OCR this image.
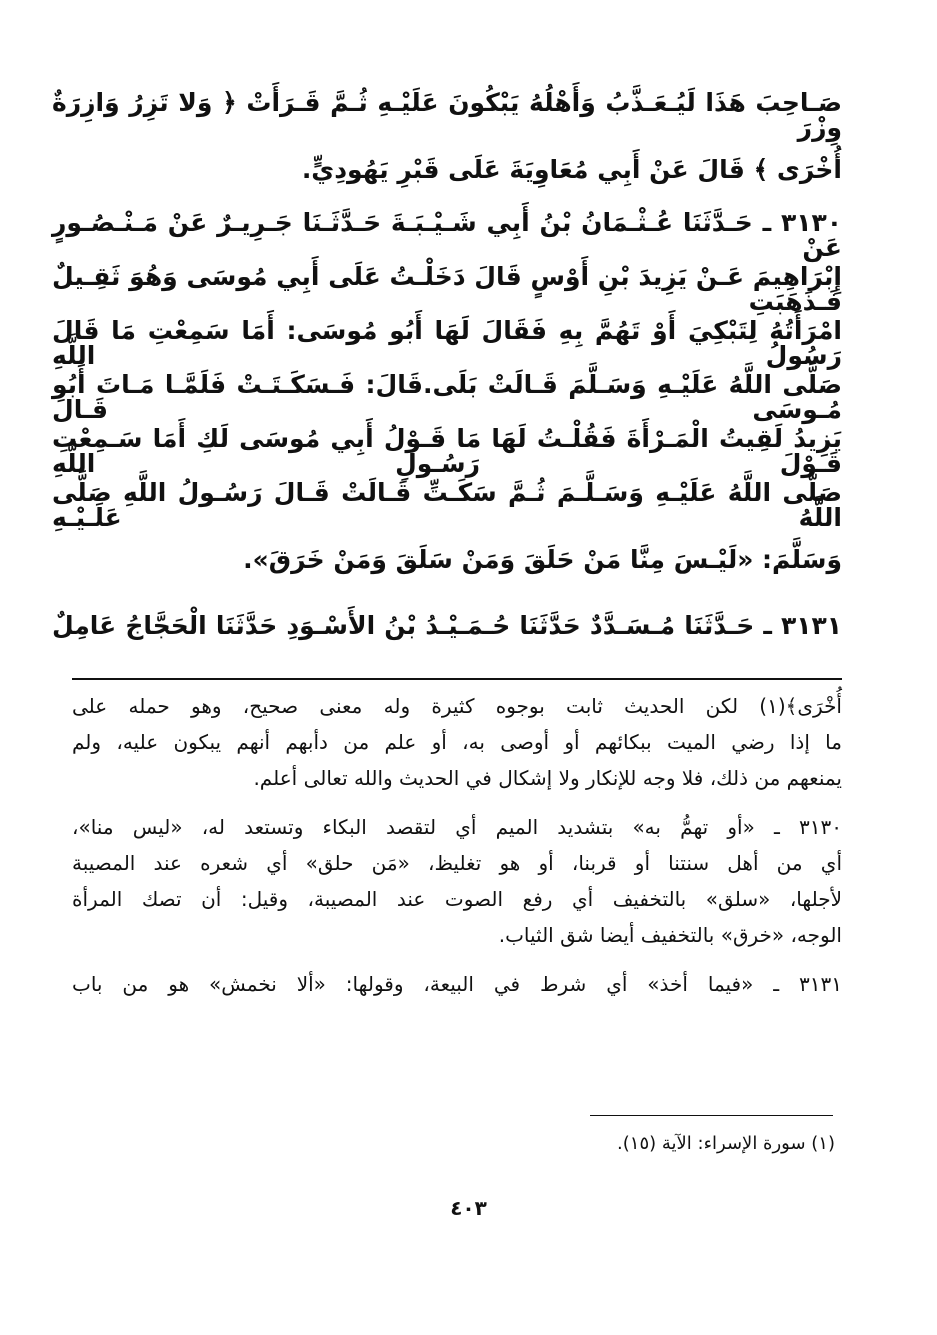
صَـاحِبَ هَذَا لَيُـعَـذَّبُ وَأَهْلُهُ يَبْكُونَ عَلَيْـهِ ثُـمَّ قَـرَأَتْ ﴿ وَلا تَزِرُ وَازِرَةٌ وِزْرَ
أُخْرَى ﴾ قَالَ عَنْ أَبِي مُعَاوِيَةَ عَلَى قَبْرِ يَهُودِيٍّ.
٣١٣٠ ـ حَـدَّثَنَا عُـثْـمَانُ بْنُ أَبِي شَـيْـبَـةَ حَـدَّثَـنَا جَـرِيـرٌ عَنْ مَـنْـصُـورٍ عَنْ
إِبْرَاهِيمَ عَـنْ يَزِيدَ بْنِ أَوْسٍ قَالَ دَخَلْـتُ عَلَى أَبِي مُوسَى وَهُوَ ثَقِـيلٌ فَـذَهَبَتِ
امْرَأَتُهُ لِتَبْكِيَ أَوْ تَهُمَّ بِهِ فَقَالَ لَهَا أَبُو مُوسَى: أَمَا سَمِعْتِ مَا قَالَ رَسُولُ اللَّهِ
صَلَّى اللَّهُ عَلَيْـهِ وَسَـلَّمَ قَـالَتْ بَلَى.قَالَ: فَـسَكَـتَـتْ فَلَمَّـا مَـاتَ أَبُو مُـوسَى قَـالَ
يَزِيدُ لَقِيتُ الْمَـرْأَةَ فَقُلْـتُ لَهَا مَا قَـوْلُ أَبِي مُوسَى لَكِ أَمَا سَـمِعْتِ قَـوْلَ رَسُـولِ اللَّهِ
صَلَّى اللَّهُ عَلَيْـهِ وَسَـلَّـمَ ثُـمَّ سَكَـتِّ قَـالَتْ قَـالَ رَسُـولُ اللَّهِ صَلَّى اللَّهُ عَلَـيْـهِ
وَسَلَّمَ: «لَيْـسَ مِنَّا مَنْ حَلَقَ وَمَنْ سَلَقَ وَمَنْ خَرَقَ».
٣١٣١ ـ حَـدَّثَنَا مُـسَـدَّدٌ حَدَّثَنَا حُـمَـيْـدُ بْنُ الأَسْـوَدِ حَدَّثَنَا الْحَجَّاجُ عَامِلٌ
أُخْرَى﴾(١) لكن الحديث ثابت بوجوه كثيرة وله معنى صحيح، وهو حمله على
ما إذا رضي الميت ببكائهم أو أوصى به، أو علم من دأبهم أنهم يبكون عليه، ولم
يمنعهم من ذلك، فلا وجه للإنكار ولا إشكال في الحديث والله تعالى أعلم.
٣١٣٠ ـ «أو تهمُّ به» بتشديد الميم أي لتقصد البكاء وتستعد له، «ليس منا»،
أي من أهل سنتنا أو قربنا، أو هو تغليظ، «مَن حلق» أي شعره عند المصيبة
لأجلها، «سلق» بالتخفيف أي رفع الصوت عند المصيبة، وقيل: أن تصك المرأة
الوجه، «خرق» بالتخفيف أيضا شق الثياب.
٣١٣١ ـ «فيما أخذ» أي شرط في البيعة، وقولها: «ألا نخمش» هو من باب
(١) سورة الإسراء: الآية (١٥).
٤٠٣
